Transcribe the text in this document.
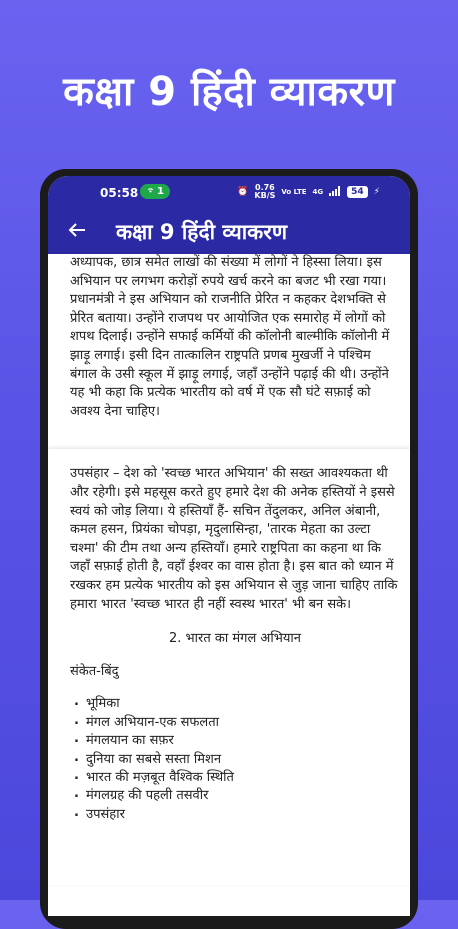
कक्षा 9 हिंदी व्याकरण
05:58 1	⏰ 0.76
KB/S Vo LTE 4G	54	⚡
कक्षा 9 हिंदी व्याकरण

अध्यापक, छात्र समेत लाखों की संख्या में लोगों ने हिस्सा लिया। इस अभियान पर लगभग करोड़ों रुपये खर्च करने का बजट भी रखा गया। प्रधानमंत्री ने इस अभियान को राजनीति प्रेरित न कहकर देशभक्ति से प्रेरित बताया। उन्होंने राजपथ पर आयोजित एक समारोह में लोगों को शपथ दिलाई। उन्होंने सफाई कर्मियों की कॉलोनी बाल्मीकि कॉलोनी में झाड़ू लगाई। इसी दिन तात्कालिन राष्ट्रपति प्रणब मुखर्जी ने पश्चिम बंगाल के उसी स्कूल में झाड़ू लगाई, जहाँ उन्होंने पढ़ाई की थी। उन्होंने यह भी कहा कि प्रत्येक भारतीय को वर्ष में एक सौ घंटे सफ़ाई को अवश्य देना चाहिए।

उपसंहार – देश को 'स्वच्छ भारत अभियान' की सख्त आवश्यकता थी और रहेगी। इसे महसूस करते हुए हमारे देश की अनेक हस्तियों ने इससे स्वयं को जोड़ लिया। ये हस्तियाँ हैं- सचिन तेंदुलकर, अनिल अंबानी, कमल हसन, प्रियंका चोपड़ा, मृदुलासिन्हा, 'तारक मेहता का उल्टा चश्मा' की टीम तथा अन्य हस्तियाँ। हमारे राष्ट्रपिता का कहना था कि जहाँ सफ़ाई होती है, वहाँ ईश्वर का वास होता है। इस बात को ध्यान में रखकर हम प्रत्येक भारतीय को इस अभियान से जुड़ जाना चाहिए ताकि हमारा भारत 'स्वच्छ भारत ही नहीं स्वस्थ भारत' भी बन सके।

2. भारत का मंगल अभियान
संकेत-बिंदु
. भूमिका
. मंगल अभियान-एक सफलता
. मंगलयान का सफ़र
. दुनिया का सबसे सस्ता मिशन
. भारत की मज़बूत वैश्विक स्थिति
. मंगलग्रह की पहली तसवीर
. उपसंहार
